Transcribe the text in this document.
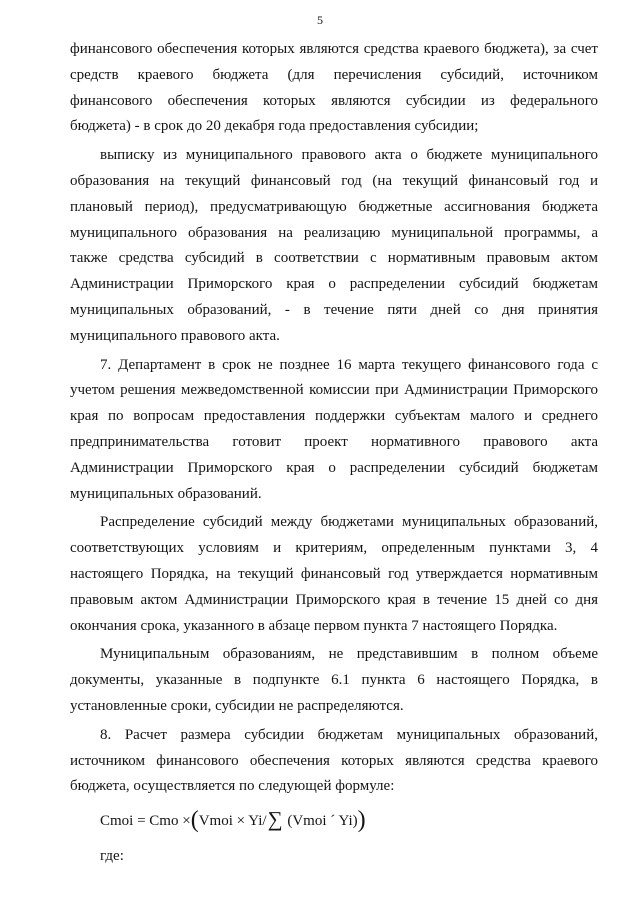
5
финансового обеспечения которых являются средства краевого бюджета), за счет
средств краевого бюджета (для перечисления субсидий, источником
финансового обеспечения которых являются субсидии из федерального
бюджета) - в срок до 20 декабря года предоставления субсидии;
выписку из муниципального правового акта о бюджете муниципального
образования на текущий финансовый год (на текущий финансовый год и
плановый период), предусматривающую бюджетные ассигнования бюджета
муниципального образования на реализацию муниципальной программы, а
также средства субсидий в соответствии с нормативным правовым актом
Администрации Приморского края о распределении субсидий бюджетам
муниципальных образований, - в течение пяти дней со дня принятия
муниципального правового акта.
7. Департамент в срок не позднее 16 марта текущего финансового года с
учетом решения межведомственной комиссии при Администрации Приморского
края по вопросам предоставления поддержки субъектам малого и среднего
предпринимательства готовит проект нормативного правового акта
Администрации Приморского края о распределении субсидий бюджетам
муниципальных образований.
Распределение субсидий между бюджетами муниципальных образований,
соответствующих условиям и критериям, определенным пунктами 3, 4
настоящего Порядка, на текущий финансовый год утверждается нормативным
правовым актом Администрации Приморского края в течение 15 дней со дня
окончания срока, указанного в абзаце первом пункта 7 настоящего Порядка.
Муниципальным образованиям, не представившим в полном объеме
документы, указанные в подпункте 6.1 пункта 6 настоящего Порядка, в
установленные сроки, субсидии не распределяются.
8. Расчет размера субсидии бюджетам муниципальных образований,
источником финансового обеспечения которых являются средства краевого
бюджета, осуществляется по следующей формуле:
Cmoi = Cmo ×(Vmoi × Yi/∑ (Vmoi ´ Yi))
где:
